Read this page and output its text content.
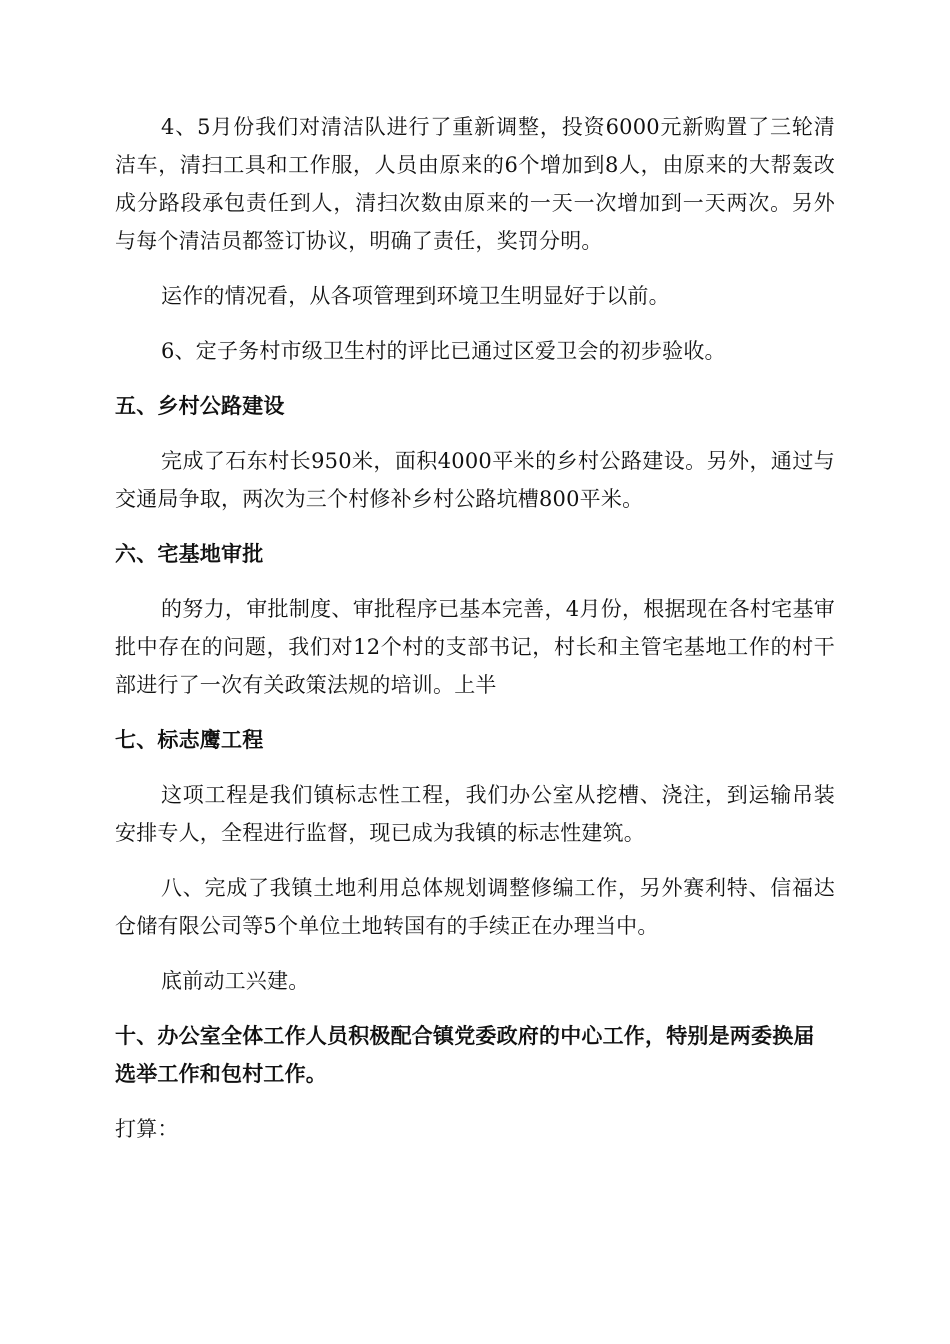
4、5月份我们对清洁队进行了重新调整，投资6000元新购置了三轮清洁车，清扫工具和工作服，人员由原来的6个增加到8人，由原来的大帮轰改成分路段承包责任到人，清扫次数由原来的一天一次增加到一天两次。另外与每个清洁员都签订协议，明确了责任，奖罚分明。

运作的情况看，从各项管理到环境卫生明显好于以前。

6、定子务村市级卫生村的评比已通过区爱卫会的初步验收。

五、乡村公路建设

完成了石东村长950米，面积4000平米的乡村公路建设。另外，通过与交通局争取，两次为三个村修补乡村公路坑槽800平米。

六、宅基地审批

的努力，审批制度、审批程序已基本完善，4月份，根据现在各村宅基审批中存在的问题，我们对12个村的支部书记，村长和主管宅基地工作的村干部进行了一次有关政策法规的培训。上半

七、标志鹰工程

这项工程是我们镇标志性工程，我们办公室从挖槽、浇注，到运输吊装安排专人，全程进行监督，现已成为我镇的标志性建筑。

八、完成了我镇土地利用总体规划调整修编工作，另外赛利特、信福达仓储有限公司等5个单位土地转国有的手续正在办理当中。

底前动工兴建。

十、办公室全体工作人员积极配合镇党委政府的中心工作，特别是两委换届选举工作和包村工作。
打算：
